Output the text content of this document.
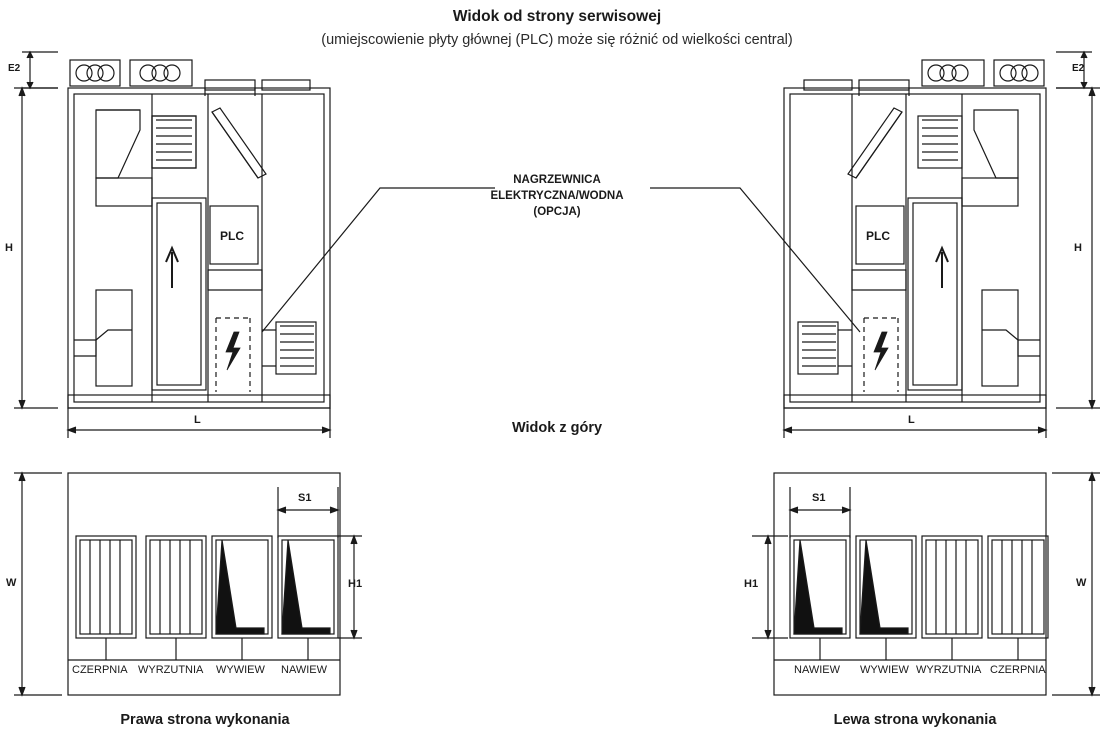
Widok od strony serwisowej
(umiejscowienie płyty głównej (PLC) może się różnić od wielkości central)
Widok z góry
NAGRZEWNICA
ELEKTRYCZNA/WODNA
(OPCJA)
E2
H
L
PLC
W	H1
S1
CZERPNIA WYRZUTNIA WYWIEW NAWIEW
Prawa strona wykonania
E2
H
L
PLC
W
H1
S1
NAWIEW WYWIEW WYRZUTNIA CZERPNIA
Lewa strona wykonania
